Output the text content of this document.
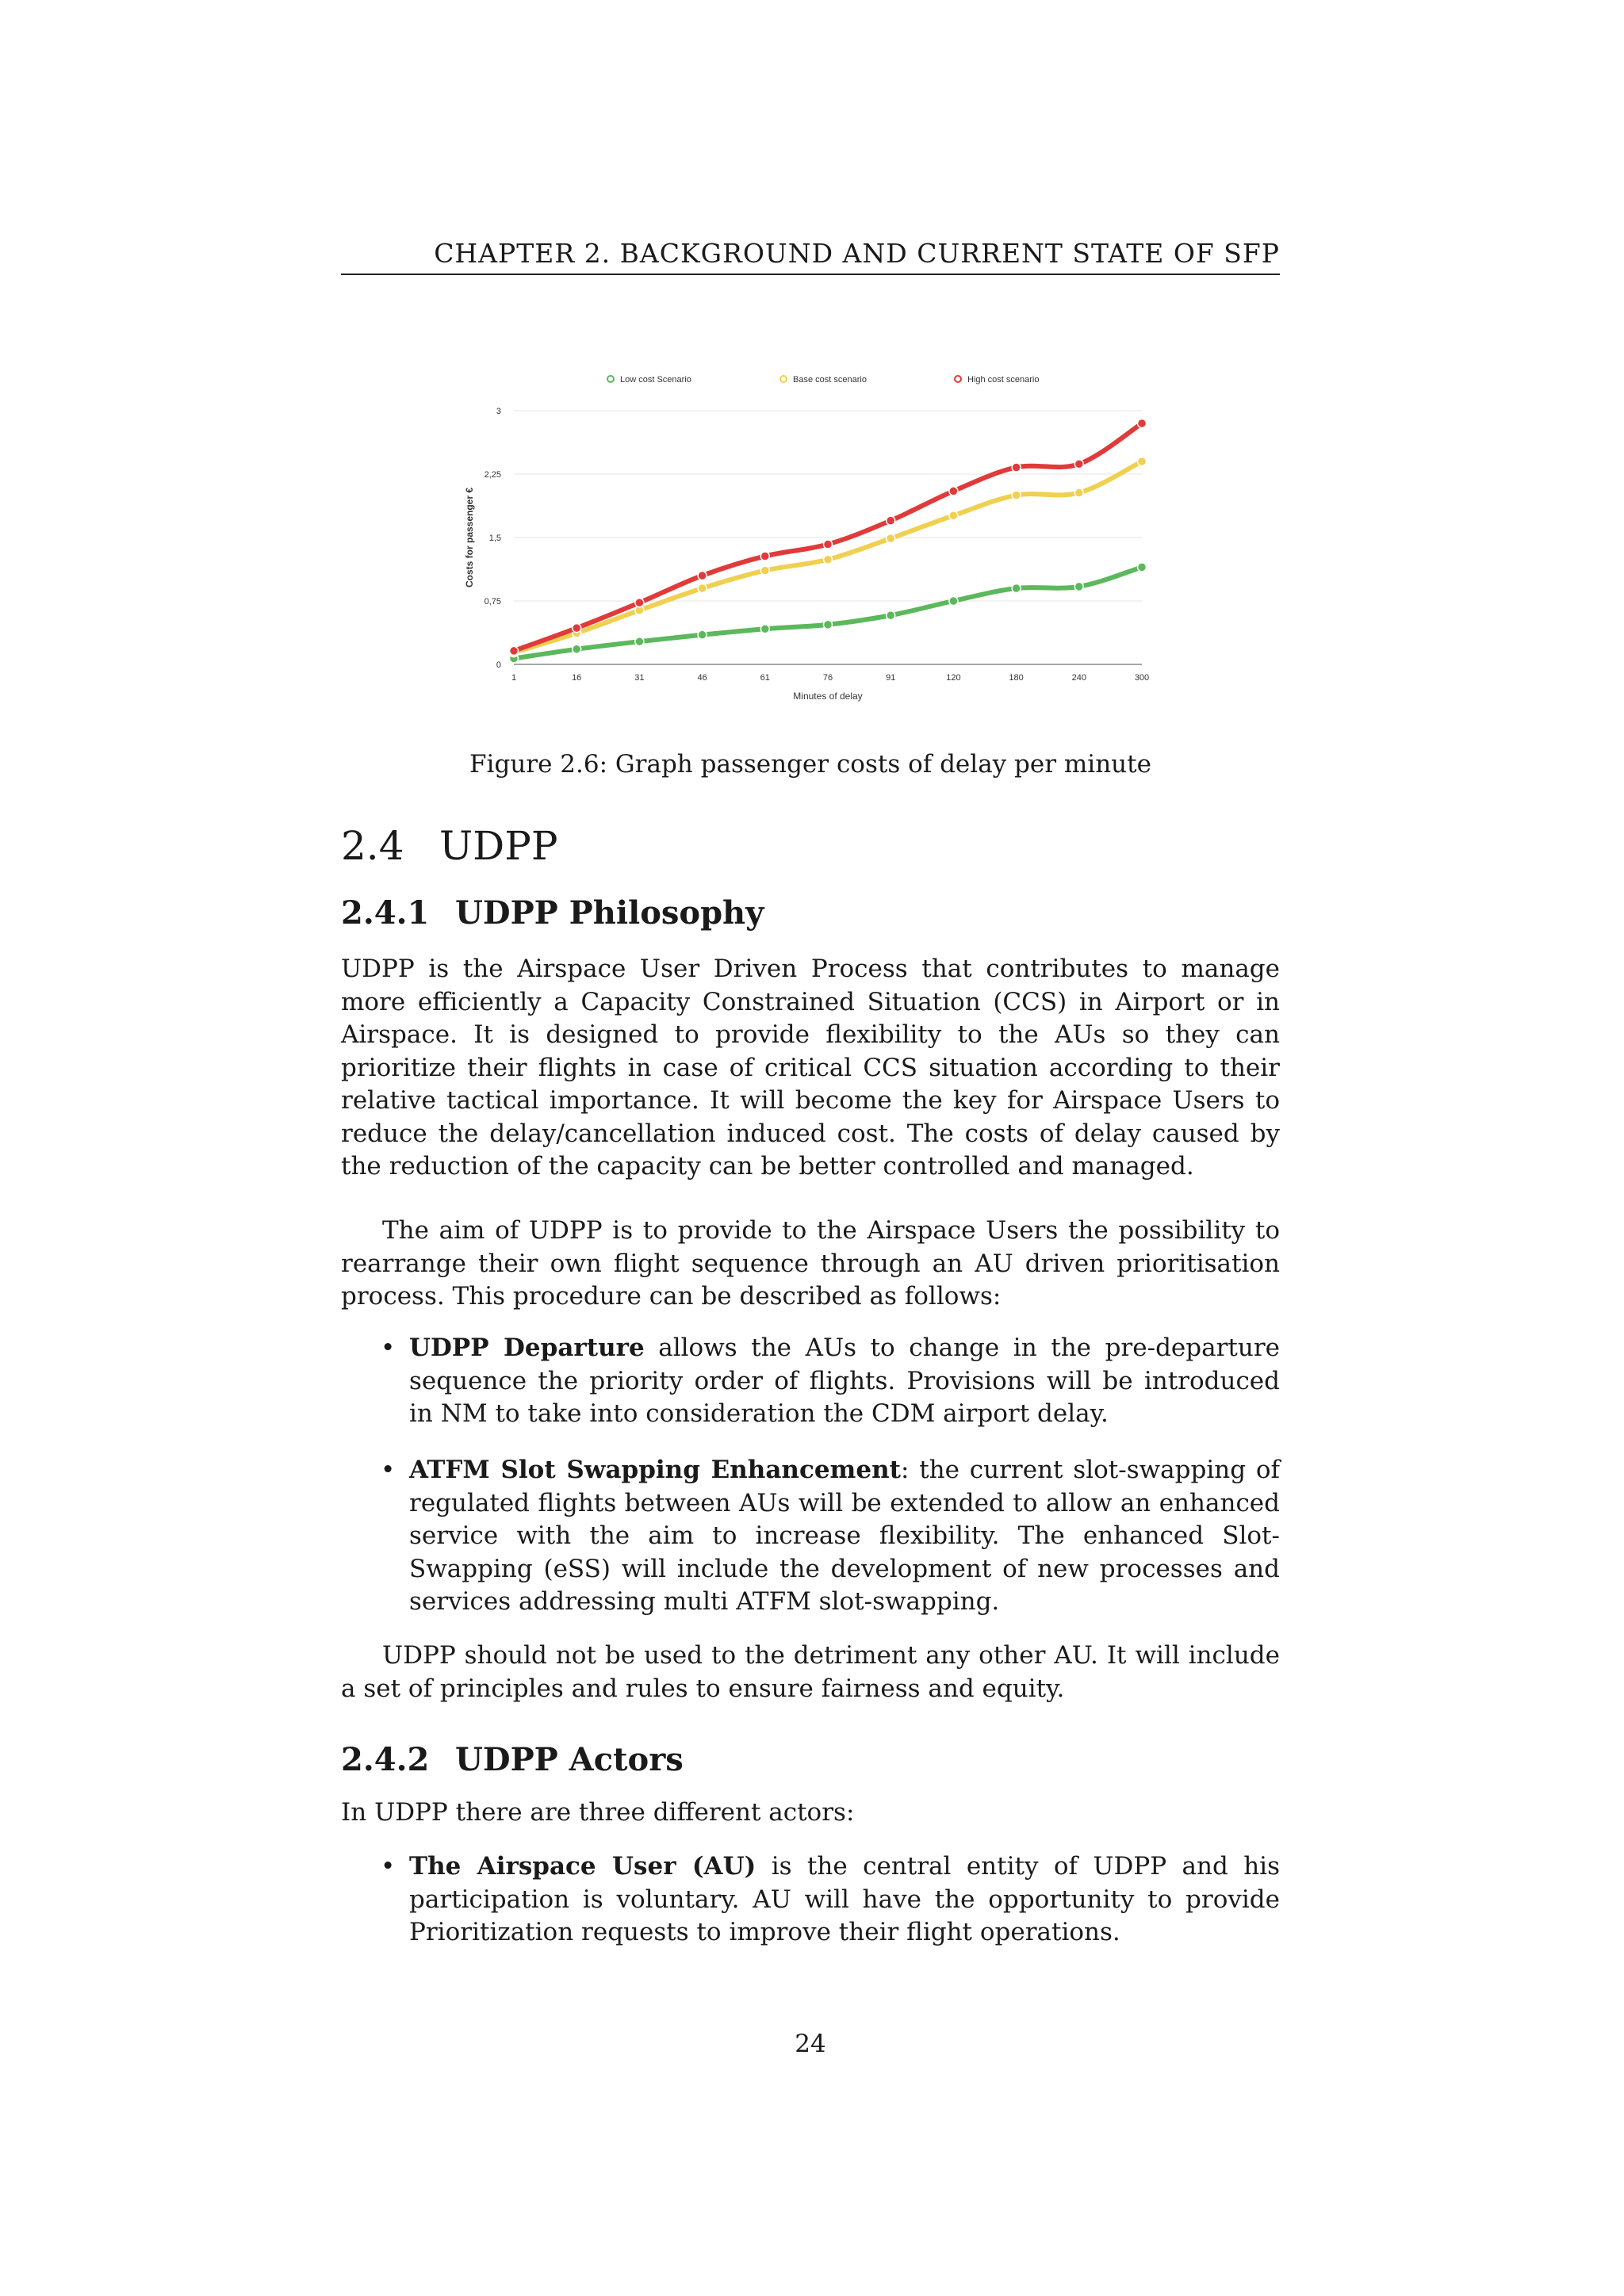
CHAPTER 2. BACKGROUND AND CURRENT STATE OF SFP
0
0,75
1,5
2,25
3
1	16	31	46	61	76	91	120	180	240	300
Minutes of delay
Costs for passenger €
Low cost Scenario	Base cost scenario	High cost scenario
Figure 2.6: Graph passenger costs of delay per minute
2.4 UDPP
2.4.1 UDPP Philosophy

UDPP is the Airspace User Driven Process that contributes to manage more efficiently a Capacity Constrained Situation (CCS) in Airport or in Airspace. It is designed to provide flexibility to the AUs so they can prioritize their flights in case of critical CCS situation according to their relative tactical importance. It will become the key for Airspace Users to reduce the delay/cancellation induced cost. The costs of delay caused by the reduction of the capacity can be better controlled and managed.

The aim of UDPP is to provide to the Airspace Users the possibility to rearrange their own flight sequence through an AU driven prioritisation process. This procedure can be described as follows:

• UDPP Departure allows the AUs to change in the pre-departure sequence the priority order of flights. Provisions will be introduced in NM to take into consideration the CDM airport delay.

• ATFM Slot Swapping Enhancement: the current slot-swapping of regulated flights between AUs will be extended to allow an enhanced service with the aim to increase flexibility. The enhanced Slot-Swapping (eSS) will include the development of new processes and services addressing multi ATFM slot-swapping.

UDPP should not be used to the detriment any other AU. It will include a set of principles and rules to ensure fairness and equity.

2.4.2 UDPP Actors

In UDPP there are three different actors:

• The Airspace User (AU) is the central entity of UDPP and his participation is voluntary. AU will have the opportunity to provide Prioritization requests to improve their flight operations.

24
